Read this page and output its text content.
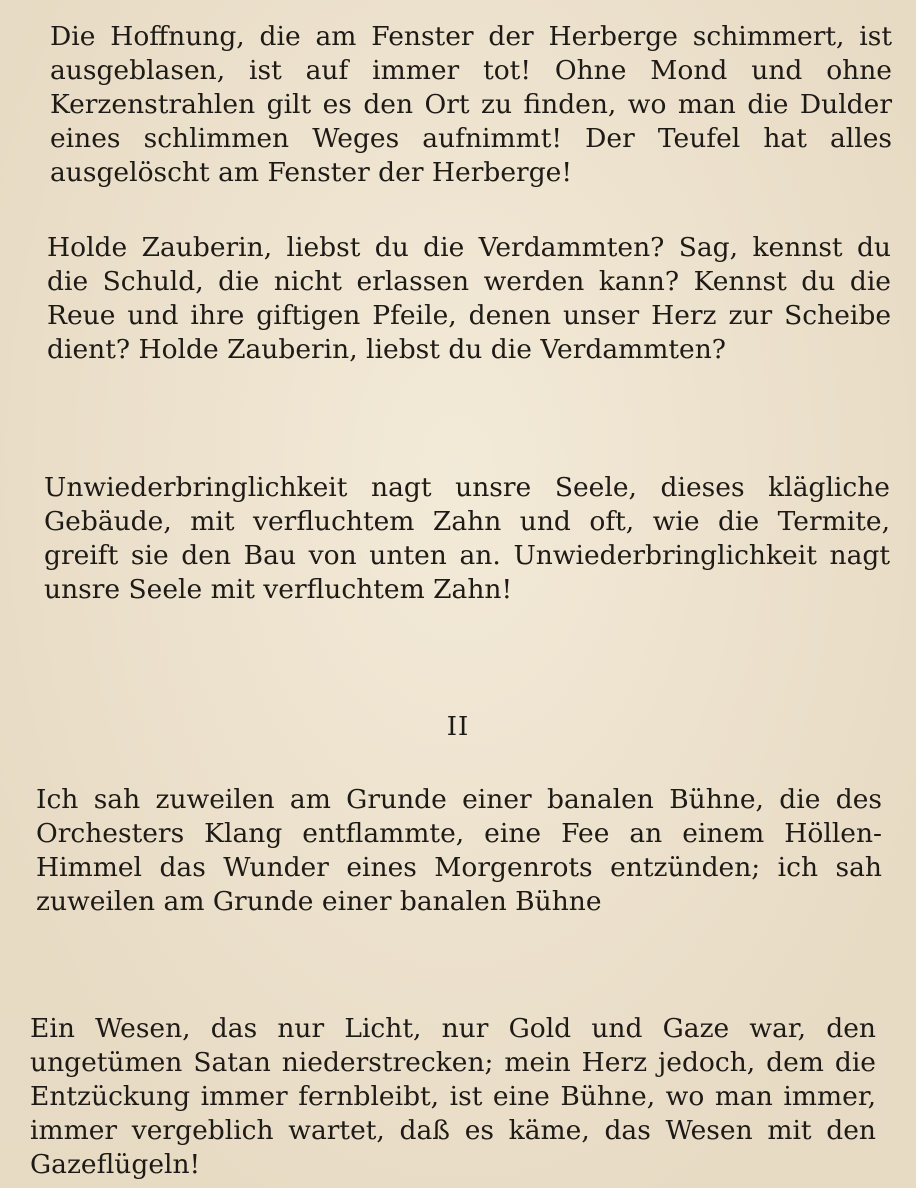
Die Hoffnung, die am Fenster der Herberge schimmert, ist ausgeblasen, ist auf immer tot! Ohne Mond und ohne Kerzenstrahlen gilt es den Ort zu finden, wo man die Dulder eines schlimmen Weges aufnimmt! Der Teufel hat alles ausgelöscht am Fenster der Herberge!

Holde Zauberin, liebst du die Verdammten? Sag, kennst du die Schuld, die nicht erlassen werden kann? Kennst du die Reue und ihre giftigen Pfeile, denen unser Herz zur Scheibe dient? Holde Zauberin, liebst du die Verdammten?

Unwiederbringlichkeit nagt unsre Seele, dieses klägliche Gebäude, mit verfluchtem Zahn und oft, wie die Termite, greift sie den Bau von unten an. Unwiederbringlichkeit nagt unsre Seele mit verfluchtem Zahn!

II

Ich sah zuweilen am Grunde einer banalen Bühne, die des Orchesters Klang entflammte, eine Fee an einem Höllen-Himmel das Wunder eines Morgenrots entzünden; ich sah zuweilen am Grunde einer banalen Bühne

Ein Wesen, das nur Licht, nur Gold und Gaze war, den ungetümen Satan niederstrecken; mein Herz jedoch, dem die Entzückung immer fernbleibt, ist eine Bühne, wo man immer, immer vergeblich wartet, daß es käme, das Wesen mit den Gazeflügeln!
